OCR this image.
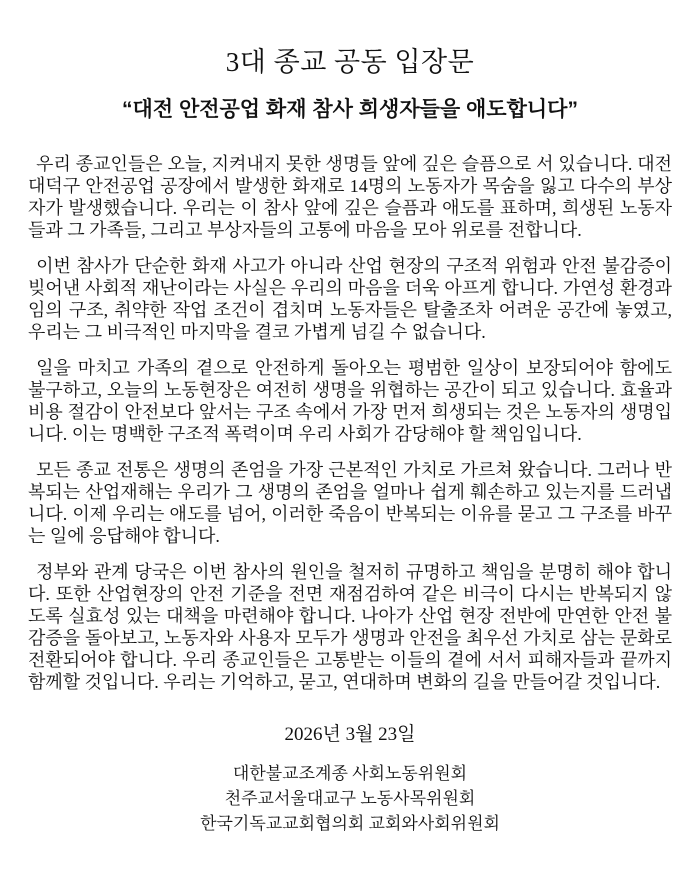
3대 종교 공동 입장문
“대전 안전공업 화재 참사 희생자들을 애도합니다”

우리 종교인들은 오늘, 지켜내지 못한 생명들 앞에 깊은 슬픔으로 서 있습니다. 대전 대덕구 안전공업 공장에서 발생한 화재로 14명의 노동자가 목숨을 잃고 다수의 부상자가 발생했습니다. 우리는 이 참사 앞에 깊은 슬픔과 애도를 표하며, 희생된 노동자들과 그 가족들, 그리고 부상자들의 고통에 마음을 모아 위로를 전합니다.

이번 참사가 단순한 화재 사고가 아니라 산업 현장의 구조적 위험과 안전 불감증이 빚어낸 사회적 재난이라는 사실은 우리의 마음을 더욱 아프게 합니다. 가연성 환경과 임의 구조, 취약한 작업 조건이 겹치며 노동자들은 탈출조차 어려운 공간에 놓였고, 우리는 그 비극적인 마지막을 결코 가볍게 넘길 수 없습니다.

일을 마치고 가족의 곁으로 안전하게 돌아오는 평범한 일상이 보장되어야 함에도 불구하고, 오늘의 노동현장은 여전히 생명을 위협하는 공간이 되고 있습니다. 효율과 비용 절감이 안전보다 앞서는 구조 속에서 가장 먼저 희생되는 것은 노동자의 생명입니다. 이는 명백한 구조적 폭력이며 우리 사회가 감당해야 할 책임입니다.

모든 종교 전통은 생명의 존엄을 가장 근본적인 가치로 가르쳐 왔습니다. 그러나 반복되는 산업재해는 우리가 그 생명의 존엄을 얼마나 쉽게 훼손하고 있는지를 드러냅니다. 이제 우리는 애도를 넘어, 이러한 죽음이 반복되는 이유를 묻고 그 구조를 바꾸는 일에 응답해야 합니다.

정부와 관계 당국은 이번 참사의 원인을 철저히 규명하고 책임을 분명히 해야 합니다. 또한 산업현장의 안전 기준을 전면 재점검하여 같은 비극이 다시는 반복되지 않도록 실효성 있는 대책을 마련해야 합니다. 나아가 산업 현장 전반에 만연한 안전 불감증을 돌아보고, 노동자와 사용자 모두가 생명과 안전을 최우선 가치로 삼는 문화로 전환되어야 합니다. 우리 종교인들은 고통받는 이들의 곁에 서서 피해자들과 끝까지 함께할 것입니다. 우리는 기억하고, 묻고, 연대하며 변화의 길을 만들어갈 것입니다.

2026년 3월 23일
대한불교조계종 사회노동위원회
천주교서울대교구 노동사목위원회
한국기독교교회협의회 교회와사회위원회
